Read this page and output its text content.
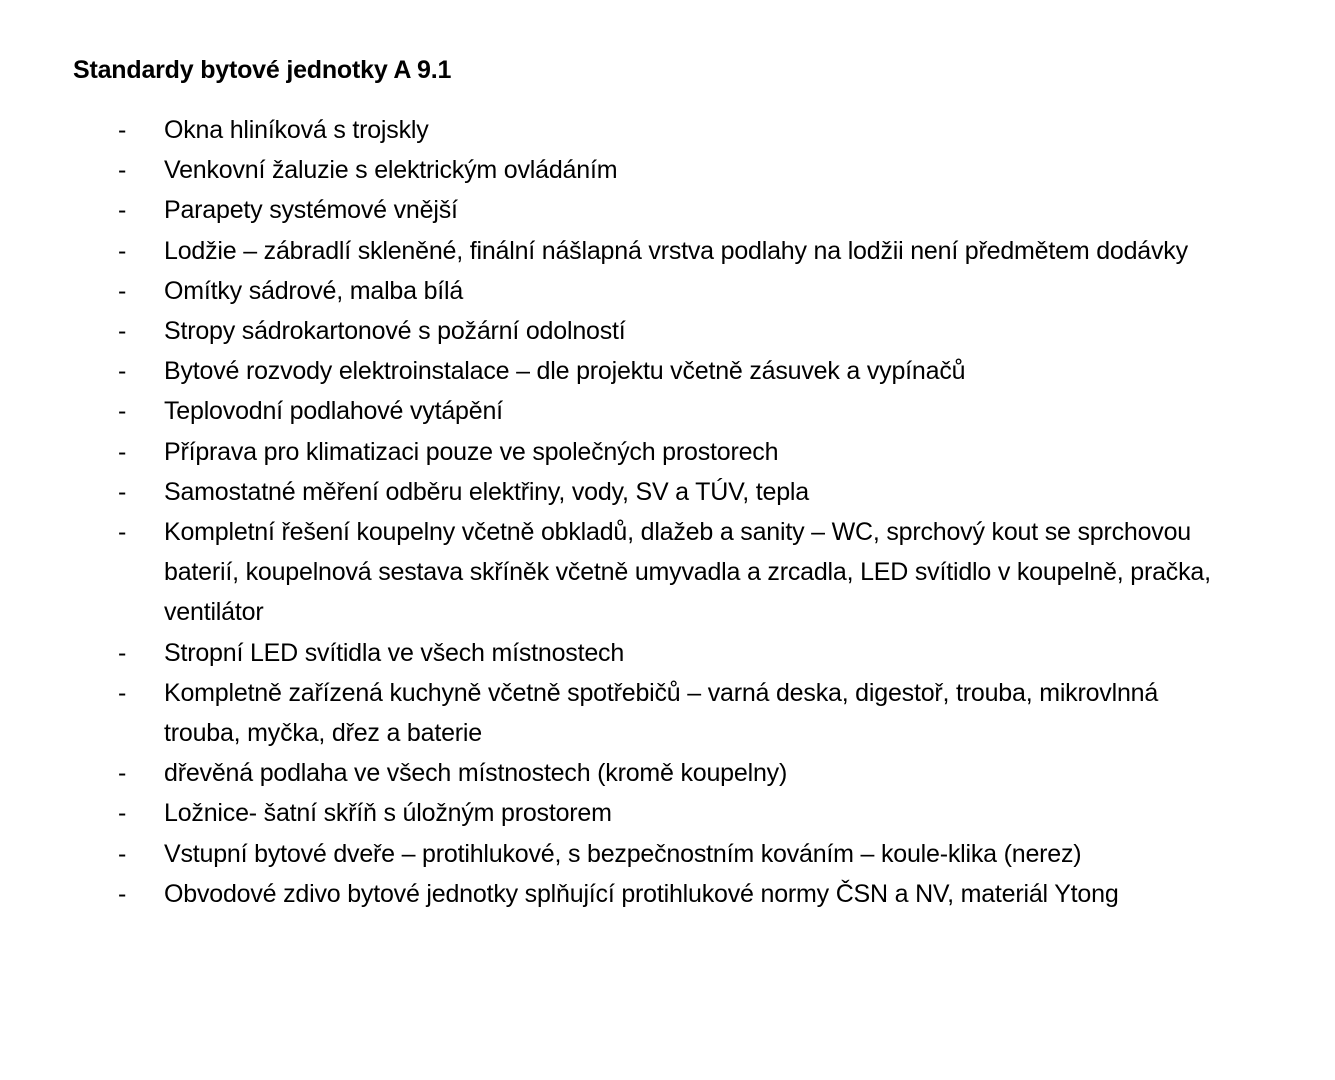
Standardy bytové jednotky A 9.1
- Okna hliníková s trojskly
- Venkovní žaluzie s elektrickým ovládáním
- Parapety systémové vnější
- Lodžie – zábradlí skleněné, finální nášlapná vrstva podlahy na lodžii není předmětem dodávky
- Omítky sádrové, malba bílá
- Stropy sádrokartonové s požární odolností
- Bytové rozvody elektroinstalace – dle projektu včetně zásuvek a vypínačů
- Teplovodní podlahové vytápění
- Příprava pro klimatizaci pouze ve společných prostorech
- Samostatné měření odběru elektřiny, vody, SV a TÚV, tepla
- Kompletní řešení koupelny včetně obkladů, dlažeb a sanity – WC, sprchový kout se sprchovou baterií, koupelnová sestava skříněk včetně umyvadla a zrcadla, LED svítidlo v koupelně, pračka, ventilátor
- Stropní LED svítidla ve všech místnostech
- Kompletně zařízená kuchyně včetně spotřebičů – varná deska, digestoř, trouba, mikrovlnná trouba, myčka, dřez a baterie
- dřevěná podlaha ve všech místnostech (kromě koupelny)
- Ložnice- šatní skříň s úložným prostorem
- Vstupní bytové dveře – protihlukové, s bezpečnostním kováním – koule-klika (nerez)
- Obvodové zdivo bytové jednotky splňující protihlukové normy ČSN a NV, materiál Ytong
